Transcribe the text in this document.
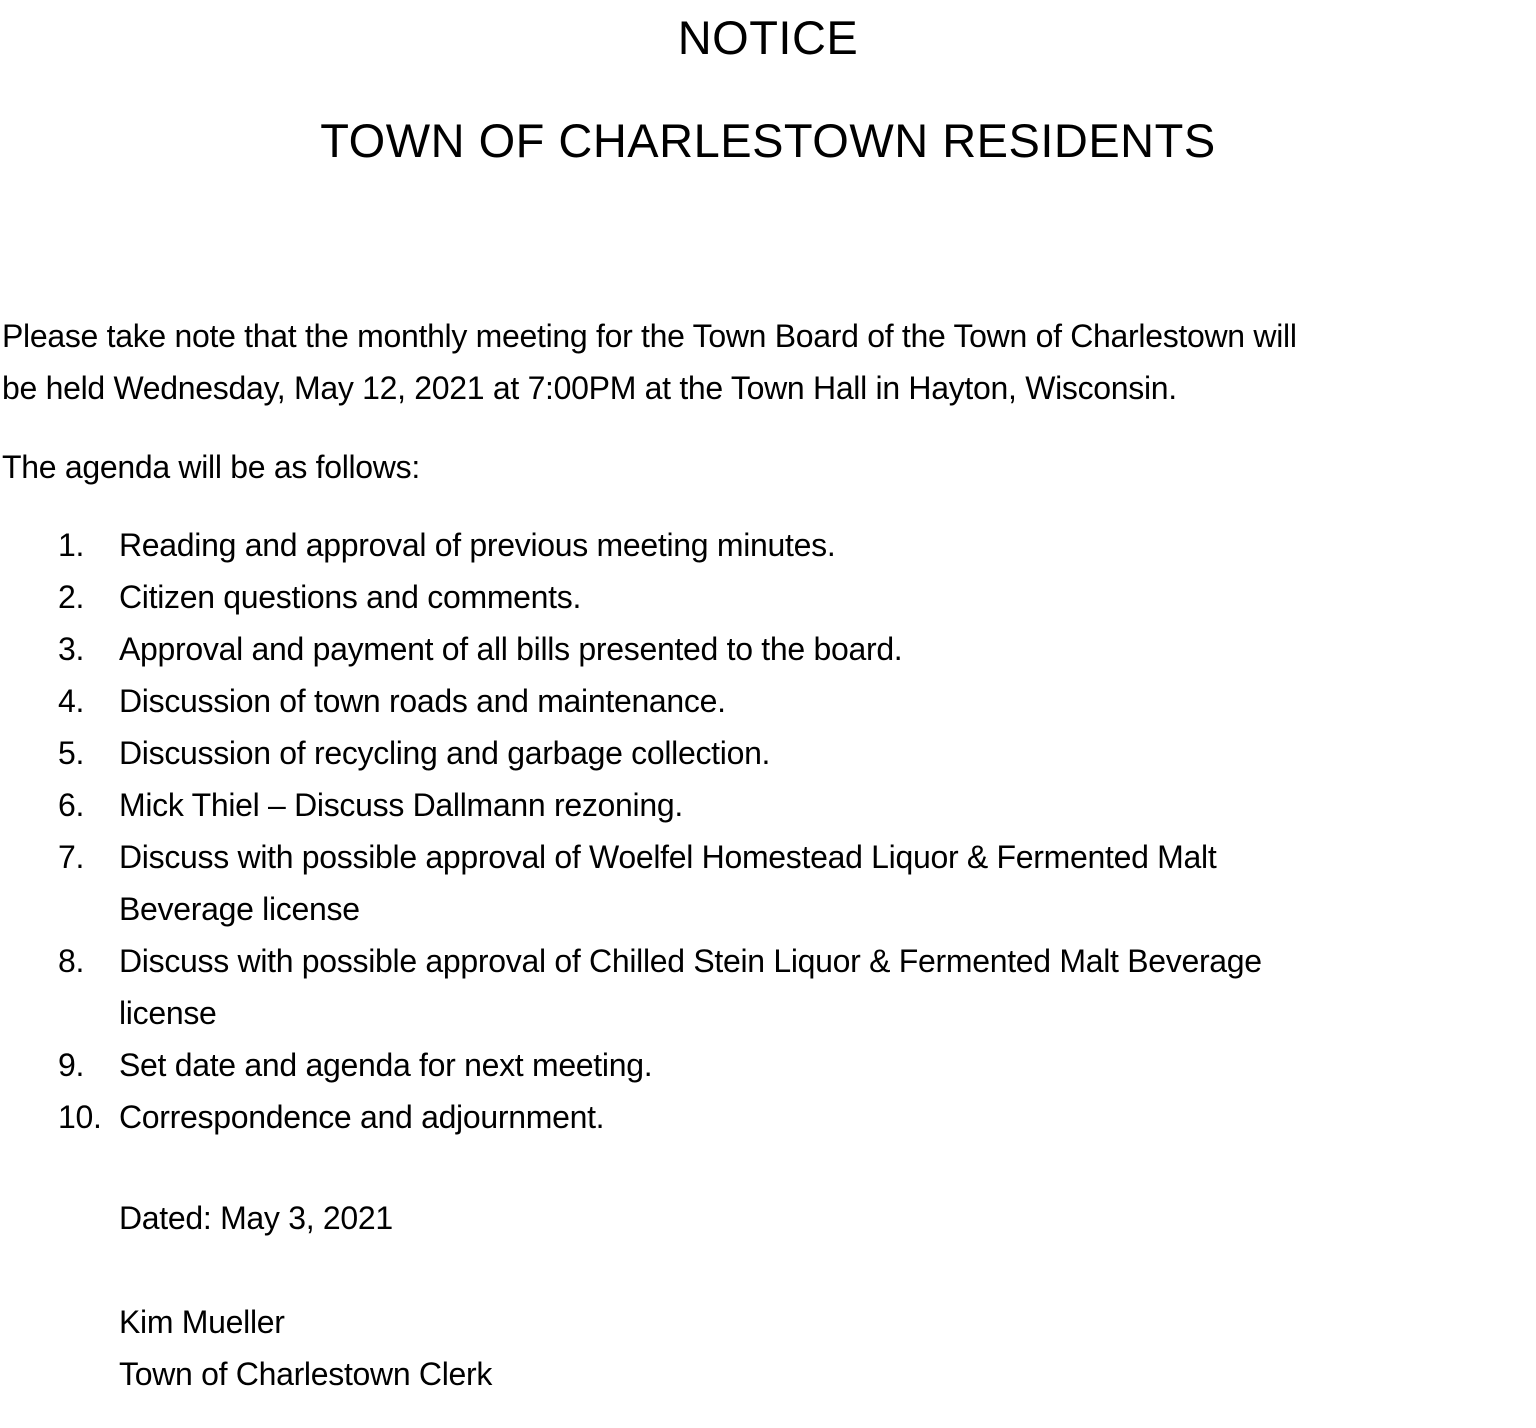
NOTICE
TOWN OF CHARLESTOWN RESIDENTS

Please take note that the monthly meeting for the Town Board of the Town of Charlestown will
be held Wednesday, May 12, 2021 at 7:00PM at the Town Hall in Hayton, Wisconsin.

The agenda will be as follows:

1.	Reading and approval of previous meeting minutes.
2.	Citizen questions and comments.
3.	Approval and payment of all bills presented to the board.
4.	Discussion of town roads and maintenance.
5.	Discussion of recycling and garbage collection.
6.	Mick Thiel – Discuss Dallmann rezoning.
7.	Discuss with possible approval of Woelfel Homestead Liquor & Fermented Malt
Beverage license
8.	Discuss with possible approval of Chilled Stein Liquor & Fermented Malt Beverage
license
9.	Set date and agenda for next meeting.
10. Correspondence and adjournment.

Dated: May 3, 2021

Kim Mueller
Town of Charlestown Clerk
